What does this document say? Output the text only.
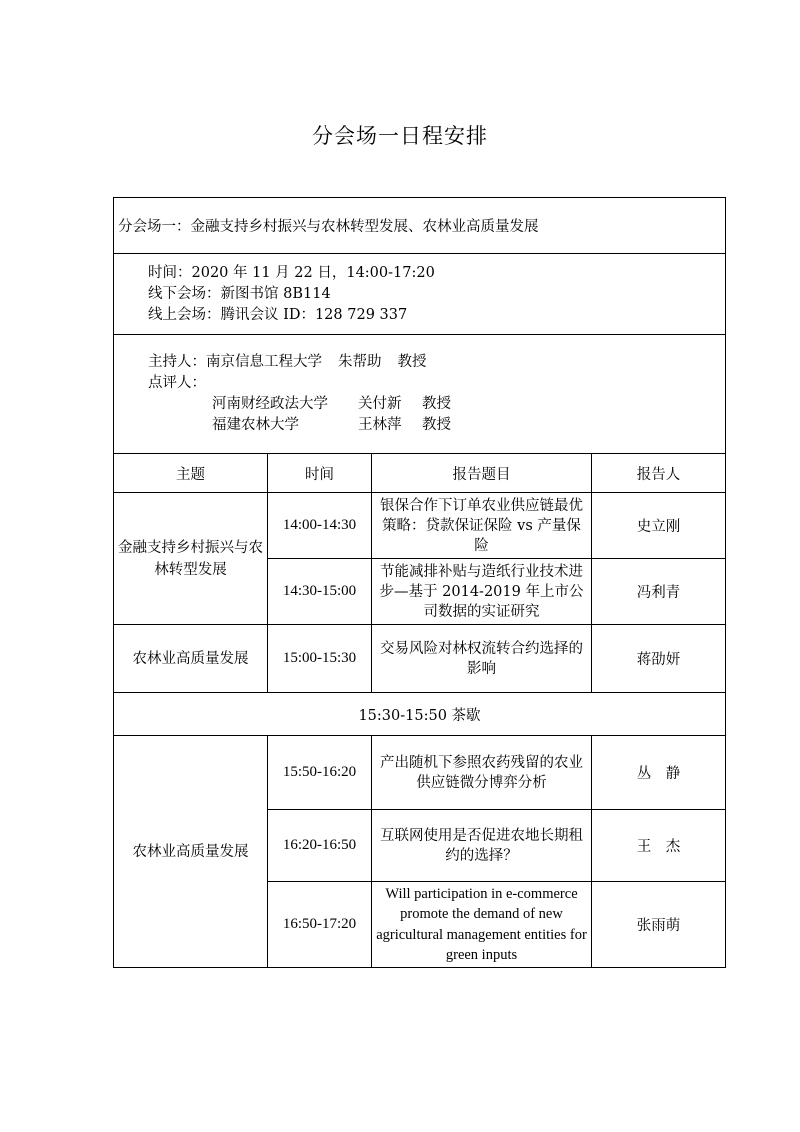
分会场一日程安排
分会场一：金融支持乡村振兴与农林转型发展、农林业高质量发展			

时间：2020 年 11 月 22 日，14:00-17:20
线下会场：新图书馆 8B114
线上会场：腾讯会议 ID：128 729 337			

主持人：南京信息工程大学 朱帮助 教授
点评人：
河南财经政法大学 关付新 教授
福建农林大学 王林萍 教授			

主题	时间	报告题目	报告人
金融支持乡村振兴与农林转型发展	14:00-14:30	银保合作下订单农业供应链最优策略：贷款保证保险 vs 产量保险	史立刚
	14:30-15:00	节能减排补贴与造纸行业技术进步—基于 2014-2019 年上市公司数据的实证研究	冯利青
农林业高质量发展	15:00-15:30	交易风险对林权流转合约选择的影响	蒋劭妍
15:30-15:50 茶歇			
农林业高质量发展	15:50-16:20	产出随机下参照农药残留的农业供应链微分博弈分析	丛　静
	16:20-16:50	互联网使用是否促进农地长期租约的选择？	王　杰
	16:50-17:20	Will participation in e-commerce promote the demand of new agricultural management entities for green inputs	张雨萌
